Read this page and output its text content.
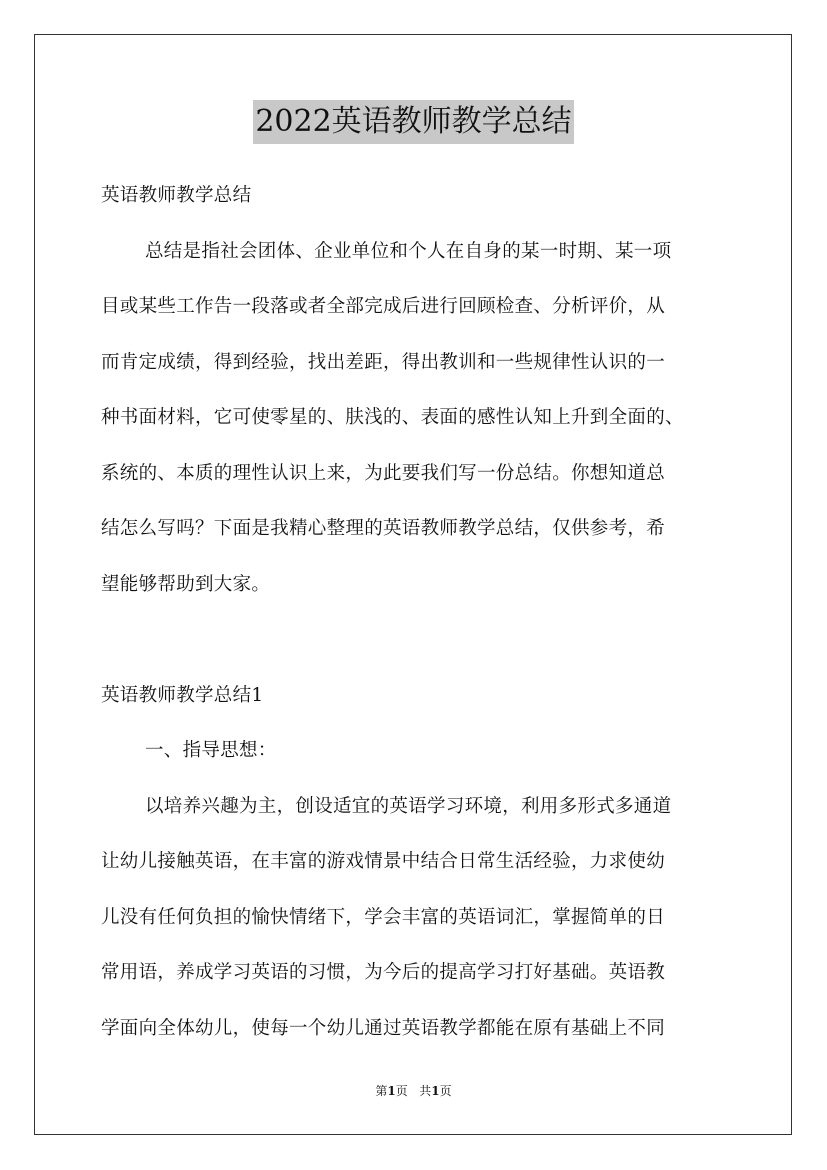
2022英语教师教学总结
英语教师教学总结
总结是指社会团体、企业单位和个人在自身的某一时期、某一项
目或某些工作告一段落或者全部完成后进行回顾检查、分析评价，从
而肯定成绩，得到经验，找出差距，得出教训和一些规律性认识的一
种书面材料，它可使零星的、肤浅的、表面的感性认知上升到全面的、
系统的、本质的理性认识上来，为此要我们写一份总结。你想知道总
结怎么写吗？下面是我精心整理的英语教师教学总结，仅供参考，希
望能够帮助到大家。
英语教师教学总结1
一、指导思想：
以培养兴趣为主，创设适宜的英语学习环境，利用多形式多通道
让幼儿接触英语，在丰富的游戏情景中结合日常生活经验，力求使幼
儿没有任何负担的愉快情绪下，学会丰富的英语词汇，掌握简单的日
常用语，养成学习英语的习惯，为今后的提高学习打好基础。英语教
学面向全体幼儿，使每一个幼儿通过英语教学都能在原有基础上不同
第1页 共1页
